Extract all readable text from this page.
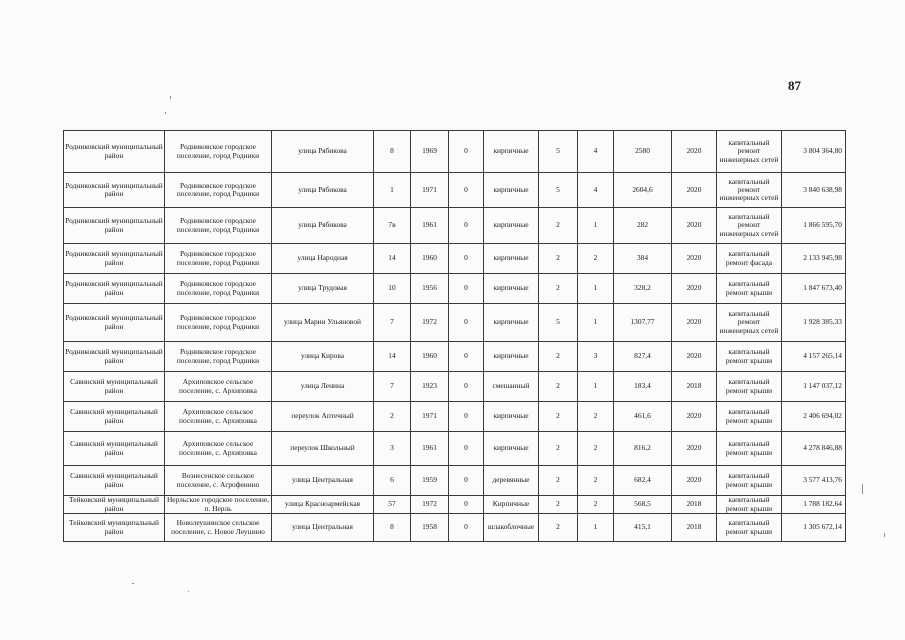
87
Родниковский муниципальный район	Родниковское городское поселение, город Родники	улица Рябикова	8	1969	0	кирпичные	5	4	2580	2020	капитальный ремонт инженерных сетей	3 804 364,80
Родниковский муниципальный район	Родниковское городское поселение, город Родники	улица Рябикова	1	1971	0	кирпичные	5	4	2604,6	2020	капитальный ремонт инженерных сетей	3 840 638,98
Родниковский муниципальный район	Родниковское городское поселение, город Родники	улица Рябикова	7в	1961	0	кирпичные	2	1	282	2020	капитальный ремонт инженерных сетей	1 866 595,70
Родниковский муниципальный район	Родниковское городское поселение, город Родники	улица Народная	14	1960	0	кирпичные	2	2	384	2020	капитальный ремонт фасада	2 133 945,98
Родниковский муниципальный район	Родниковское городское поселение, город Родники	улица Трудовая	10	1956	0	кирпичные	2	1	328,2	2020	капитальный ремонт крыши	1 847 673,40
Родниковский муниципальный район	Родниковское городское поселение, город Родники	улица Марии Ульяновой	7	1972	0	кирпичные	5	1	1307,77	2020	капитальный ремонт инженерных сетей	1 928 385,33
Родниковский муниципальный район	Родниковское городское поселение, город Родники	улица Кирова	14	1960	0	кирпичные	2	3	827,4	2020	капитальный ремонт крыши	4 157 265,14
Савинский муниципальный район	Архиповское сельское поселение, с. Архиповка	улица Ленина	7	1923	0	смешанный	2	1	183,4	2018	капитальный ремонт крыши	1 147 037,12
Савинский муниципальный район	Архиповское сельское поселение, с. Архиповка	переулок Аптечный	2	1971	0	кирпичные	2	2	461,6	2020	капитальный ремонт крыши	2 406 694,02
Савинский муниципальный район	Архиповское сельское поселение, с. Архиповка	переулок Школьный	3	1961	0	кирпичные	2	2	816,2	2020	капитальный ремонт крыши	4 278 846,88
Савинский муниципальный район	Вознесенское сельское поселение, с. Агрофенино	улица Центральная	6	1959	0	деревянные	2	2	682,4	2020	капитальный ремонт крыши	3 577 413,76
Тейковский муниципальный район	Нерльское городское поселение, п. Нерль	улица Красноармейская	57	1972	0	Кирпичные	2	2	568,5	2018	капитальный ремонт крыши	1 788 182,64
Тейковский муниципальный район	Новолеушинское сельское поселение, с. Новое Леушино	улица Центральная	8	1958	0	шлакоблочные	2	1	415,1	2018	капитальный ремонт крыши	1 305 672,14
